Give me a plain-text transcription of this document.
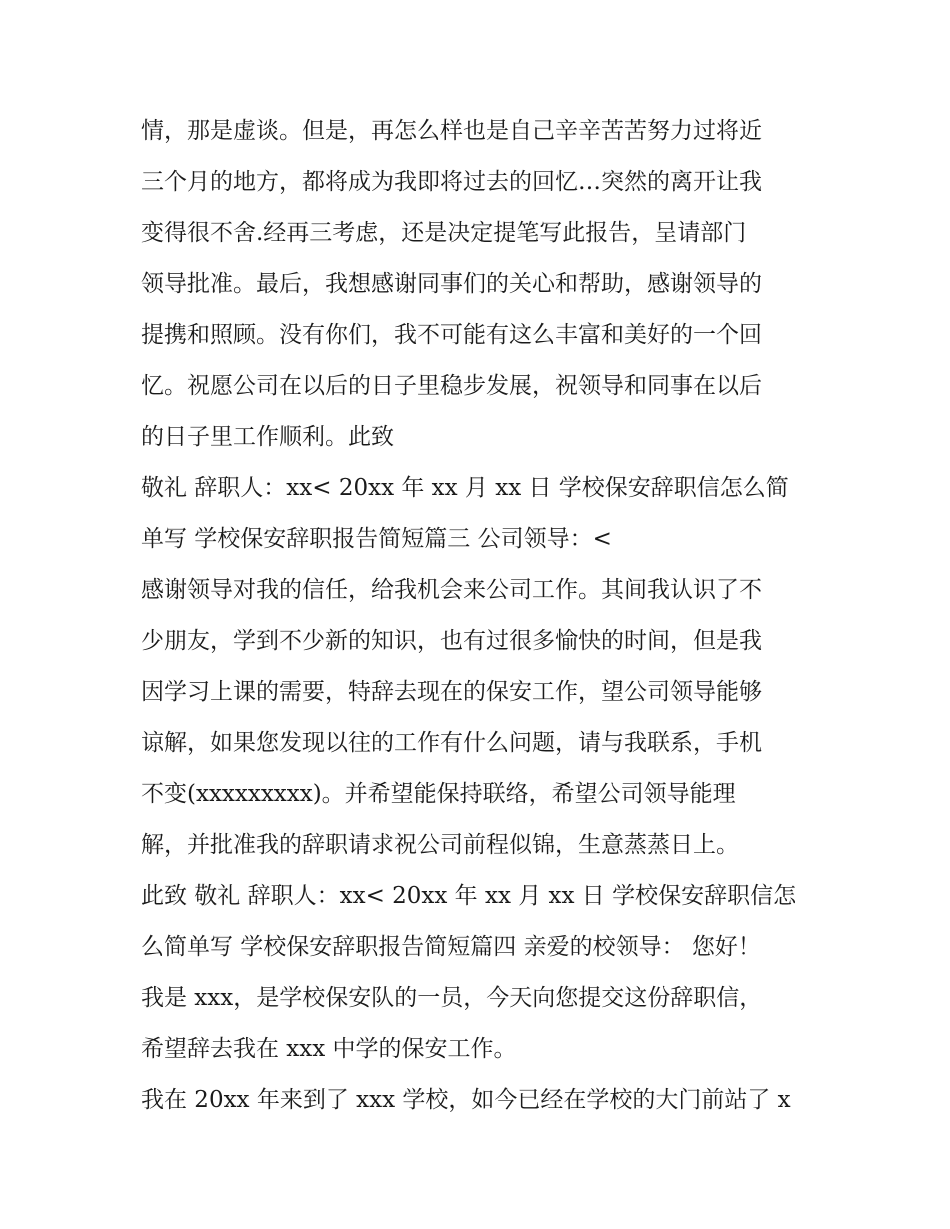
情，那是虚谈。但是，再怎么样也是自己辛辛苦苦努力过将近
三个月的地方，都将成为我即将过去的回忆…突然的离开让我
变得很不舍.经再三考虑，还是决定提笔写此报告，呈请部门
领导批准。最后，我想感谢同事们的关心和帮助，感谢领导的
提携和照顾。没有你们，我不可能有这么丰富和美好的一个回
忆。祝愿公司在以后的日子里稳步发展，祝领导和同事在以后
的日子里工作顺利。此致
敬礼 辞职人：xx< 20xx 年 xx 月 xx 日 学校保安辞职信怎么简
单写 学校保安辞职报告简短篇三 公司领导：<
感谢领导对我的信任，给我机会来公司工作。其间我认识了不
少朋友，学到不少新的知识，也有过很多愉快的时间，但是我
因学习上课的需要，特辞去现在的保安工作，望公司领导能够
谅解，如果您发现以往的工作有什么问题，请与我联系，手机
不变(xxxxxxxxx)。并希望能保持联络，希望公司领导能理
解，并批准我的辞职请求祝公司前程似锦，生意蒸蒸日上。
此致 敬礼 辞职人：xx< 20xx 年 xx 月 xx 日 学校保安辞职信怎
么简单写 学校保安辞职报告简短篇四 亲爱的校领导： 您好！
我是 xxx，是学校保安队的一员，今天向您提交这份辞职信，
希望辞去我在 xxx 中学的保安工作。
我在 20xx 年来到了 xxx 学校，如今已经在学校的大门前站了 x
